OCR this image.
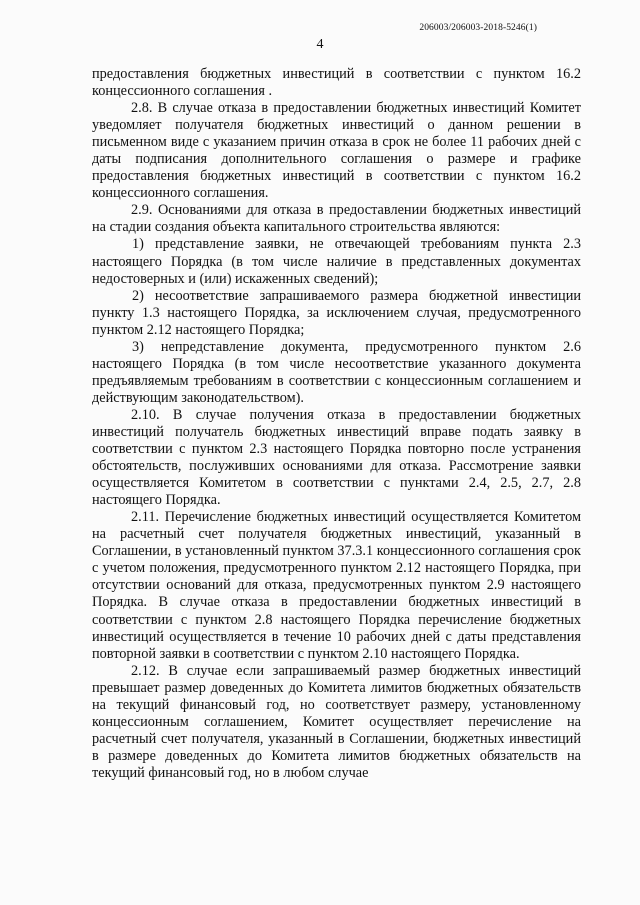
206003/206003-2018-5246(1)
4

предоставления бюджетных инвестиций в соответствии с пунктом 16.2 концессионного соглашения .

2.8. В случае отказа в предоставлении бюджетных инвестиций Комитет уведомляет получателя бюджетных инвестиций о данном решении в письменном виде с указанием причин отказа в срок не более 11 рабочих дней с даты подписания дополнительного соглашения о размере и графике предоставления бюджетных инвестиций в соответствии с пунктом 16.2 концессионного соглашения.

2.9. Основаниями для отказа в предоставлении бюджетных инвестиций на стадии создания объекта капитального строительства являются:

1) представление заявки, не отвечающей требованиям пункта 2.3 настоящего Порядка (в том числе наличие в представленных документах недостоверных и (или) искаженных сведений);

2) несоответствие запрашиваемого размера бюджетной инвестиции пункту 1.3 настоящего Порядка, за исключением случая, предусмотренного пунктом 2.12 настоящего Порядка;

3) непредставление документа, предусмотренного пунктом 2.6 настоящего Порядка (в том числе несоответствие указанного документа предъявляемым требованиям в соответствии с концессионным соглашением и действующим законодательством).

2.10. В случае получения отказа в предоставлении бюджетных инвестиций получатель бюджетных инвестиций вправе подать заявку в соответствии с пунктом 2.3 настоящего Порядка повторно после устранения обстоятельств, послуживших основаниями для отказа. Рассмотрение заявки осуществляется Комитетом в соответствии с пунктами 2.4, 2.5, 2.7, 2.8 настоящего Порядка.

2.11. Перечисление бюджетных инвестиций осуществляется Комитетом на расчетный счет получателя бюджетных инвестиций, указанный в Соглашении, в установленный пунктом 37.3.1 концессионного соглашения срок с учетом положения, предусмотренного пунктом 2.12 настоящего Порядка, при отсутствии оснований для отказа, предусмотренных пунктом 2.9 настоящего Порядка. В случае отказа в предоставлении бюджетных инвестиций в соответствии с пунктом 2.8 настоящего Порядка перечисление бюджетных инвестиций осуществляется в течение 10 рабочих дней с даты представления повторной заявки в соответствии с пунктом 2.10 настоящего Порядка.

2.12. В случае если запрашиваемый размер бюджетных инвестиций превышает размер доведенных до Комитета лимитов бюджетных обязательств на текущий финансовый год, но соответствует размеру, установленному концессионным соглашением, Комитет осуществляет перечисление на расчетный счет получателя, указанный в Соглашении, бюджетных инвестиций в размере доведенных до Комитета лимитов бюджетных обязательств на текущий финансовый год, но в любом случае
